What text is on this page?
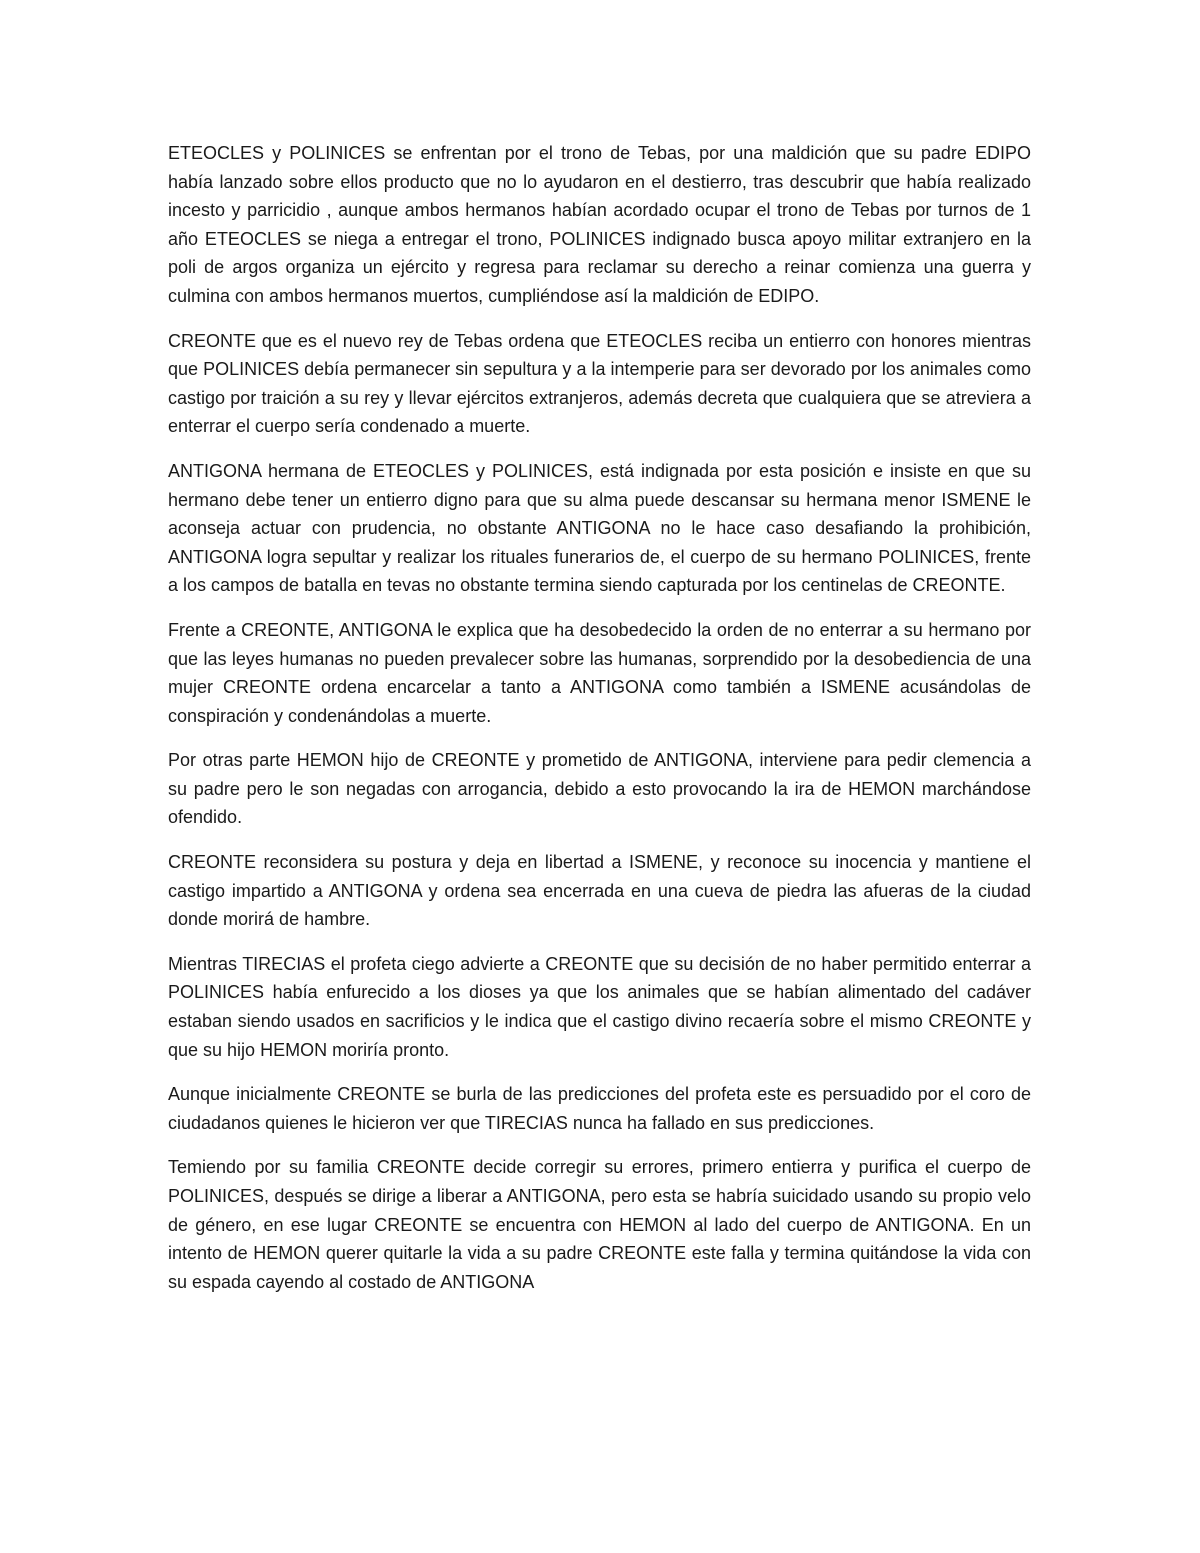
ETEOCLES y POLINICES se enfrentan por el trono de Tebas, por una maldición que su padre EDIPO había lanzado sobre ellos producto que no lo ayudaron en el destierro, tras descubrir que había realizado incesto y parricidio , aunque ambos hermanos habían acordado ocupar el trono de Tebas por turnos de 1 año ETEOCLES se niega a entregar el trono, POLINICES indignado busca apoyo militar extranjero en la poli de argos organiza un ejército y regresa para reclamar su derecho a reinar comienza una guerra y culmina con ambos hermanos muertos, cumpliéndose así la maldición de EDIPO.

CREONTE que es el nuevo rey de Tebas ordena que ETEOCLES reciba un entierro con honores mientras que POLINICES debía permanecer sin sepultura y a la intemperie para ser devorado por los animales como castigo por traición a su rey y llevar ejércitos extranjeros, además decreta que cualquiera que se atreviera a enterrar el cuerpo sería condenado a muerte.

ANTIGONA hermana de ETEOCLES y POLINICES, está indignada por esta posición e insiste en que su hermano debe tener un entierro digno para que su alma puede descansar su hermana menor ISMENE le aconseja actuar con prudencia, no obstante ANTIGONA no le hace caso desafiando la prohibición, ANTIGONA logra sepultar y realizar los rituales funerarios de, el cuerpo de su hermano POLINICES, frente a los campos de batalla en tevas no obstante termina siendo capturada por los centinelas de CREONTE.

Frente a CREONTE, ANTIGONA le explica que ha desobedecido la orden de no enterrar a su hermano por que las leyes humanas no pueden prevalecer sobre las humanas, sorprendido por la desobediencia de una mujer CREONTE ordena encarcelar a tanto a ANTIGONA como también a ISMENE acusándolas de conspiración y condenándolas a muerte.

Por otras parte HEMON hijo de CREONTE y prometido de ANTIGONA, interviene para pedir clemencia a su padre pero le son negadas con arrogancia, debido a esto provocando la ira de HEMON marchándose ofendido.

CREONTE reconsidera su postura y deja en libertad a ISMENE, y reconoce su inocencia y mantiene el castigo impartido a ANTIGONA y ordena sea encerrada en una cueva de piedra las afueras de la ciudad donde morirá de hambre.

Mientras TIRECIAS el profeta ciego advierte a CREONTE que su decisión de no haber permitido enterrar a POLINICES había enfurecido a los dioses ya que los animales que se habían alimentado del cadáver estaban siendo usados en sacrificios y le indica que el castigo divino recaería sobre el mismo CREONTE y que su hijo HEMON moriría pronto.

Aunque inicialmente CREONTE se burla de las predicciones del profeta este es persuadido por el coro de ciudadanos quienes le hicieron ver que TIRECIAS nunca ha fallado en sus predicciones.

Temiendo por su familia CREONTE decide corregir su errores, primero entierra y purifica el cuerpo de POLINICES, después se dirige a liberar a ANTIGONA, pero esta se habría suicidado usando su propio velo de género, en ese lugar CREONTE se encuentra con HEMON al lado del cuerpo de ANTIGONA. En un intento de HEMON querer quitarle la vida a su padre CREONTE este falla y termina quitándose la vida con su espada cayendo al costado de ANTIGONA
